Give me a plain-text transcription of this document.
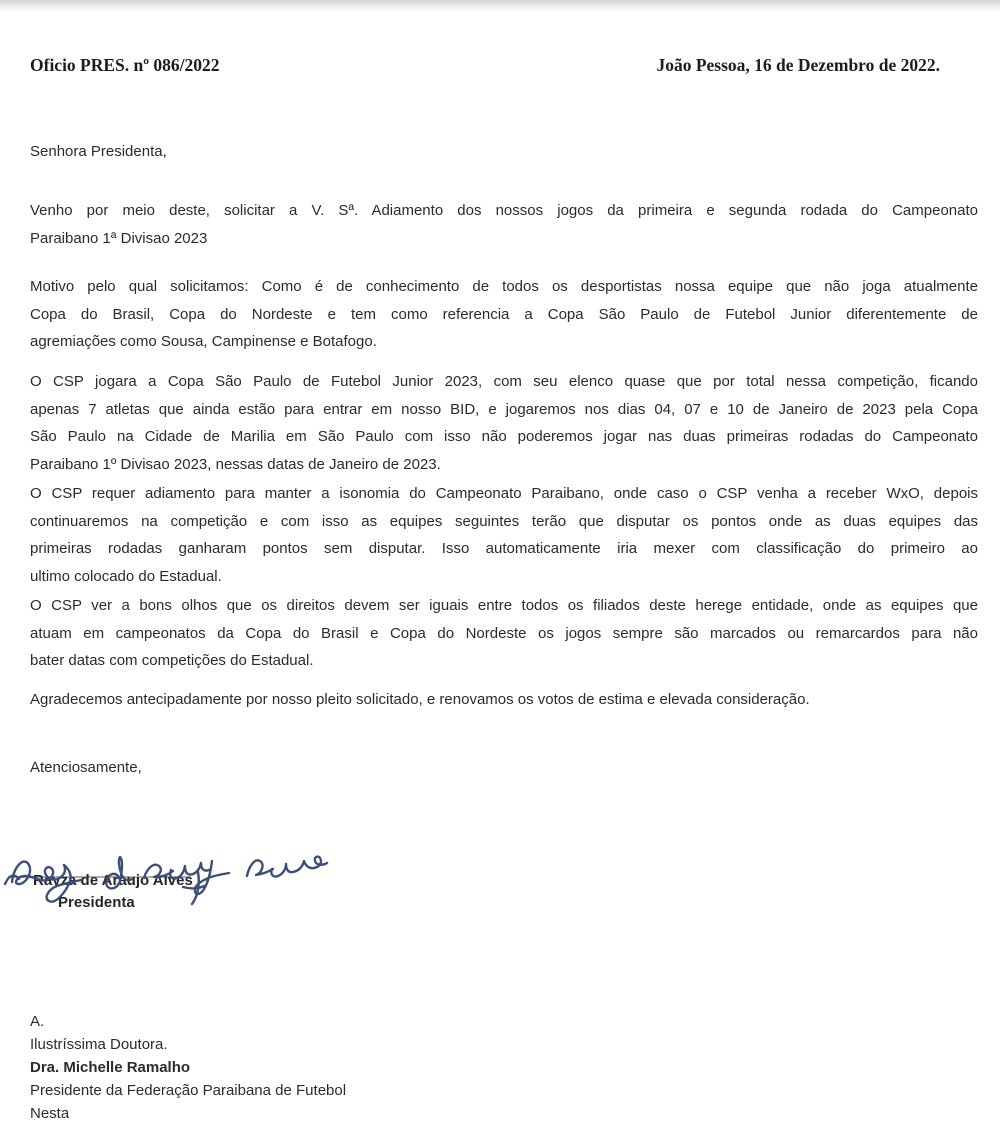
Oficio PRES. nº 086/2022	João Pessoa, 16 de Dezembro de 2022.
Senhora Presidenta,
Venho por meio deste, solicitar a V. Sª. Adiamento dos nossos jogos da primeira e segunda rodada do Campeonato
Paraibano 1ª Divisao 2023
Motivo pelo qual solicitamos: Como é de conhecimento de todos os desportistas nossa equipe que não joga atualmente
Copa do Brasil, Copa do Nordeste e tem como referencia a Copa São Paulo de Futebol Junior diferentemente de
agremiações como Sousa, Campinense e Botafogo.
O CSP jogara a Copa São Paulo de Futebol Junior 2023, com seu elenco quase que por total nessa competição, ficando
apenas 7 atletas que ainda estão para entrar em nosso BID, e jogaremos nos dias 04, 07 e 10 de Janeiro de 2023 pela Copa
São Paulo na Cidade de Marilia em São Paulo com isso não poderemos jogar nas duas primeiras rodadas do Campeonato
Paraibano 1º Divisao 2023, nessas datas de Janeiro de 2023.
O CSP requer adiamento para manter a isonomia do Campeonato Paraibano, onde caso o CSP venha a receber WxO, depois
continuaremos na competição e com isso as equipes seguintes terão que disputar os pontos onde as duas equipes das
primeiras rodadas ganharam pontos sem disputar. Isso automaticamente iria mexer com classificação do primeiro ao
ultimo colocado do Estadual.
O CSP ver a bons olhos que os direitos devem ser iguais entre todos os filiados deste herege entidade, onde as equipes que
atuam em campeonatos da Copa do Brasil e Copa do Nordeste os jogos sempre são marcados ou remarcardos para não
bater datas com competições do Estadual.
Agradecemos antecipadamente por nosso pleito solicitado, e renovamos os votos de estima e elevada consideração.
Atenciosamente,
Rayza de Araujo Alves
Presidenta
A.
Ilustríssima Doutora.
Dra. Michelle Ramalho
Presidente da Federação Paraibana de Futebol
Nesta
